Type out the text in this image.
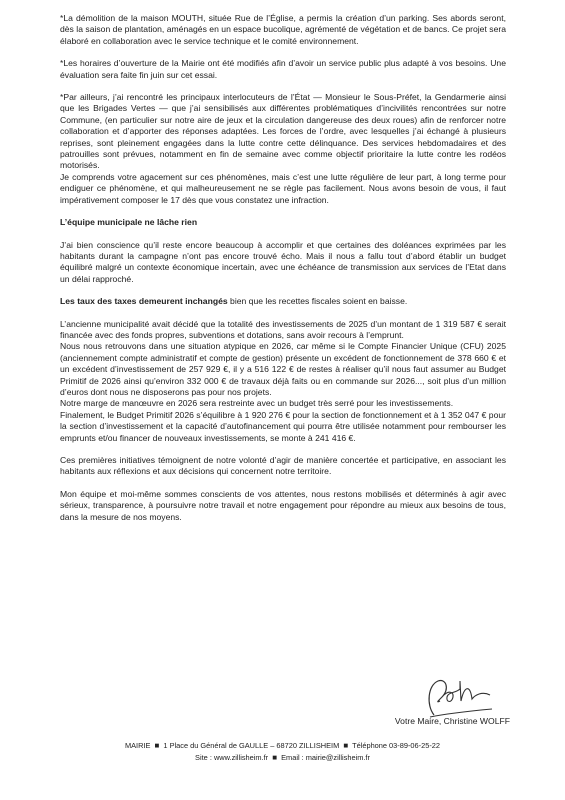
*La démolition de la maison MOUTH, située Rue de l’Église, a permis la création d’un parking. Ses abords seront, dès la saison de plantation, aménagés en un espace bucolique, agrémenté de végétation et de bancs. Ce projet sera élaboré en collaboration avec le service technique et le comité environnement.

*Les horaires d’ouverture de la Mairie ont été modifiés afin d’avoir un service public plus adapté à vos besoins. Une évaluation sera faite fin juin sur cet essai.

*Par ailleurs, j’ai rencontré les principaux interlocuteurs de l’État — Monsieur le Sous-Préfet, la Gendarmerie ainsi que les Brigades Vertes — que j’ai sensibilisés aux différentes problématiques d’incivilités rencontrées sur notre Commune, (en particulier sur notre aire de jeux et la circulation dangereuse des deux roues) afin de renforcer notre collaboration et d’apporter des réponses adaptées. Les forces de l’ordre, avec lesquelles j’ai échangé à plusieurs reprises, sont pleinement engagées dans la lutte contre cette délinquance. Des services hebdomadaires et des patrouilles sont prévues, notamment en fin de semaine avec comme objectif prioritaire la lutte contre les rodéos motorisés.

Je comprends votre agacement sur ces phénomènes, mais c’est une lutte régulière de leur part, à long terme pour endiguer ce phénomène, et qui malheureusement ne se règle pas facilement. Nous avons besoin de vous, il faut impérativement composer le 17 dès que vous constatez une infraction.

L’équipe municipale ne lâche rien

J’ai bien conscience qu’il reste encore beaucoup à accomplir et que certaines des doléances exprimées par les habitants durant la campagne n’ont pas encore trouvé écho. Mais il nous a fallu tout d’abord établir un budget équilibré malgré un contexte économique incertain, avec une échéance de transmission aux services de l’Etat dans un délai rapproché.

Les taux des taxes demeurent inchangés bien que les recettes fiscales soient en baisse.

L’ancienne municipalité avait décidé que la totalité des investissements de 2025 d’un montant de 1 319 587 € serait financée avec des fonds propres, subventions et dotations, sans avoir recours à l’emprunt.

Nous nous retrouvons dans une situation atypique en 2026, car même si le Compte Financier Unique (CFU) 2025 (anciennement compte administratif et compte de gestion) présente un excédent de fonctionnement de 378 660 € et un excédent d’investissement de 257 929 €, il y a 516 122 € de restes à réaliser qu’il nous faut assumer au Budget Primitif de 2026 ainsi qu’environ 332 000 € de travaux déjà faits ou en commande sur 2026..., soit plus d’un million d’euros dont nous ne disposerons pas pour nos projets.

Notre marge de manœuvre en 2026 sera restreinte avec un budget très serré pour les investissements.

Finalement, le Budget Primitif 2026 s’équilibre à 1 920 276 € pour la section de fonctionnement et à 1 352 047 € pour la section d’investissement et la capacité d’autofinancement qui pourra être utilisée notamment pour rembourser les emprunts et/ou financer de nouveaux investissements, se monte à 241 416 €.

Ces premières initiatives témoignent de notre volonté d’agir de manière concertée et participative, en associant les habitants aux réflexions et aux décisions qui concernent notre territoire.

Mon équipe et moi-même sommes conscients de vos attentes, nous restons mobilisés et déterminés à agir avec sérieux, transparence, à poursuivre notre travail et notre engagement pour répondre au mieux aux besoins de tous, dans la mesure de nos moyens.

Votre Maire, Christine WOLFF
MAIRIE ■ 1 Place du Général de GAULLE – 68720 ZILLISHEIM ■ Téléphone 03-89-06-25-22
Site : www.zillisheim.fr ■ Email : mairie@zillisheim.fr
